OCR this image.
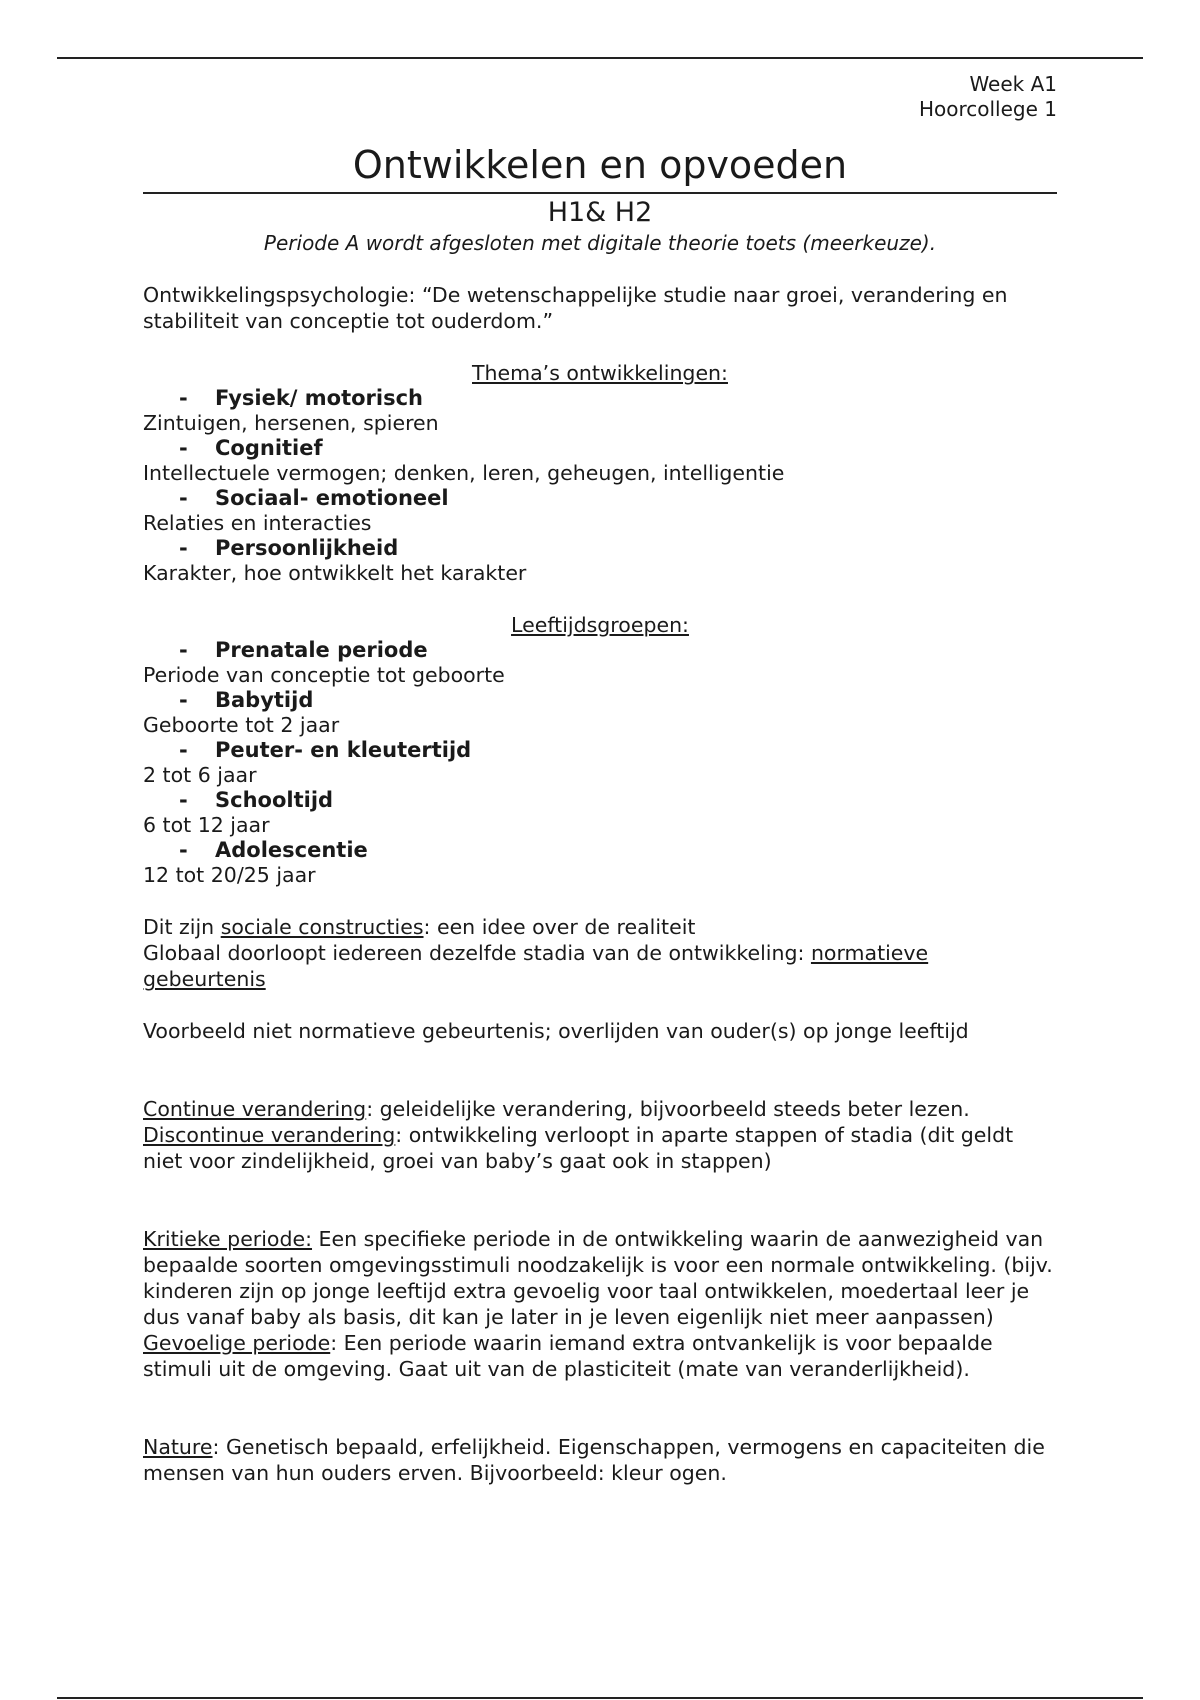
Week A1
Hoorcollege 1
Ontwikkelen en opvoeden
H1& H2
Periode A wordt afgesloten met digitale theorie toets (meerkeuze).

Ontwikkelingspsychologie: “De wetenschappelijke studie naar groei, verandering en stabiliteit van conceptie tot ouderdom.”

Thema’s ontwikkelingen:
- Fysiek/ motorisch
Zintuigen, hersenen, spieren
- Cognitief
Intellectuele vermogen; denken, leren, geheugen, intelligentie
- Sociaal- emotioneel
Relaties en interacties
- Persoonlijkheid
Karakter, hoe ontwikkelt het karakter
Leeftijdsgroepen:
- Prenatale periode
Periode van conceptie tot geboorte
- Babytijd
Geboorte tot 2 jaar
- Peuter- en kleutertijd
2 tot 6 jaar
- Schooltijd
6 tot 12 jaar
- Adolescentie
12 tot 20/25 jaar

Dit zijn sociale constructies: een idee over de realiteit
Globaal doorloopt iedereen dezelfde stadia van de ontwikkeling: normatieve gebeurtenis

Voorbeeld niet normatieve gebeurtenis; overlijden van ouder(s) op jonge leeftijd

Continue verandering: geleidelijke verandering, bijvoorbeeld steeds beter lezen.
Discontinue verandering: ontwikkeling verloopt in aparte stappen of stadia (dit geldt niet voor zindelijkheid, groei van baby’s gaat ook in stappen)

Kritieke periode: Een specifieke periode in de ontwikkeling waarin de aanwezigheid van bepaalde soorten omgevingsstimuli noodzakelijk is voor een normale ontwikkeling. (bijv. kinderen zijn op jonge leeftijd extra gevoelig voor taal ontwikkelen, moedertaal leer je dus vanaf baby als basis, dit kan je later in je leven eigenlijk niet meer aanpassen)
Gevoelige periode: Een periode waarin iemand extra ontvankelijk is voor bepaalde stimuli uit de omgeving. Gaat uit van de plasticiteit (mate van veranderlijkheid).

Nature: Genetisch bepaald, erfelijkheid. Eigenschappen, vermogens en capaciteiten die mensen van hun ouders erven. Bijvoorbeeld: kleur ogen.
